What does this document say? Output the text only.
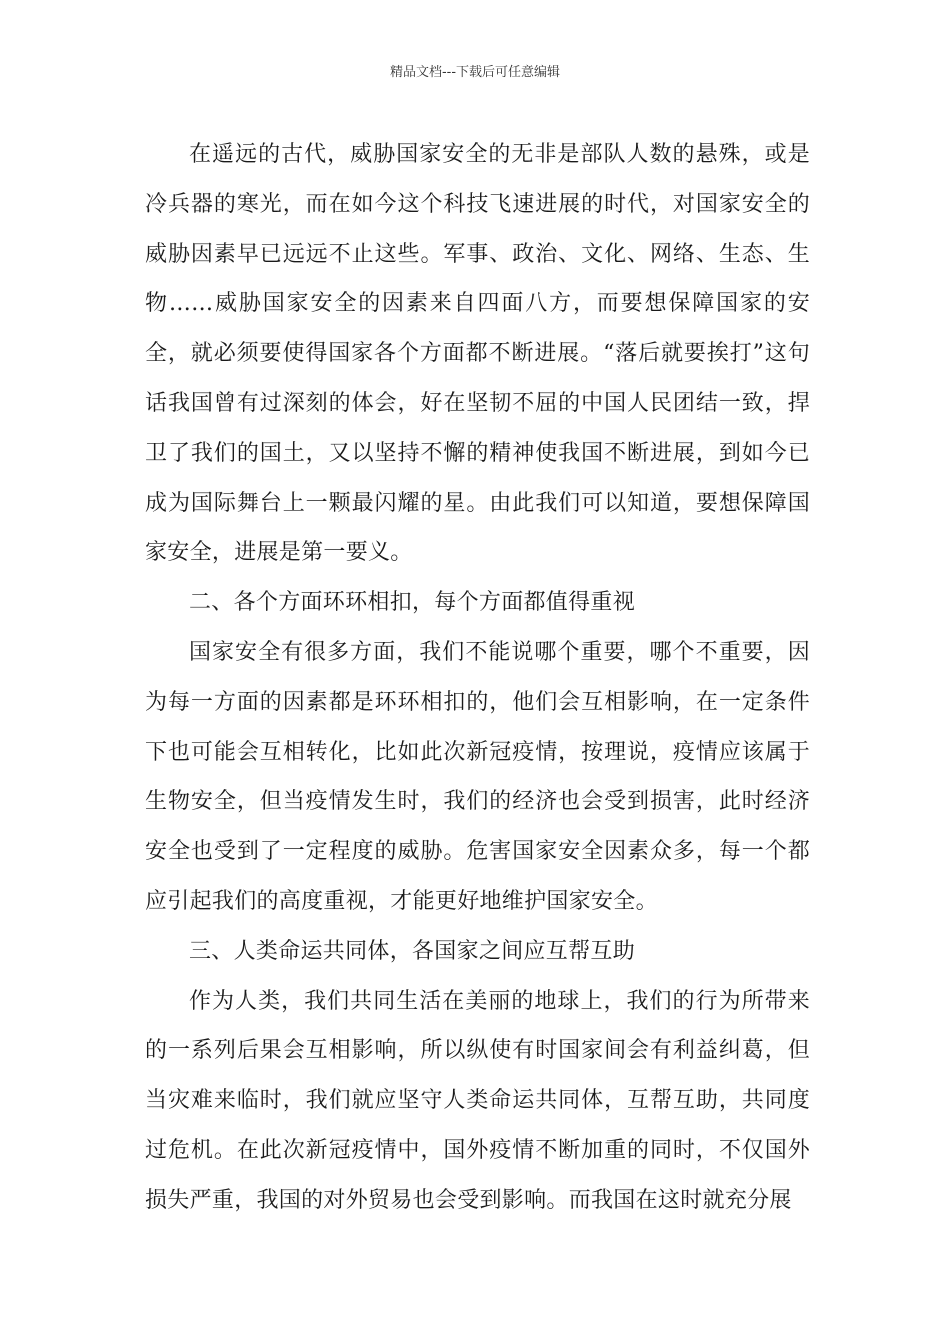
精品文档---下载后可任意编辑

在遥远的古代，威胁国家安全的无非是部队人数的悬殊，或是冷兵器的寒光，而在如今这个科技飞速进展的时代，对国家安全的威胁因素早已远远不止这些。军事、政治、文化、网络、生态、生物……威胁国家安全的因素来自四面八方，而要想保障国家的安全，就必须要使得国家各个方面都不断进展。“落后就要挨打”这句话我国曾有过深刻的体会，好在坚韧不屈的中国人民团结一致，捍卫了我们的国土，又以坚持不懈的精神使我国不断进展，到如今已成为国际舞台上一颗最闪耀的星。由此我们可以知道，要想保障国家安全，进展是第一要义。

二、各个方面环环相扣，每个方面都值得重视

国家安全有很多方面，我们不能说哪个重要，哪个不重要，因为每一方面的因素都是环环相扣的，他们会互相影响，在一定条件下也可能会互相转化，比如此次新冠疫情，按理说，疫情应该属于生物安全，但当疫情发生时，我们的经济也会受到损害，此时经济安全也受到了一定程度的威胁。危害国家安全因素众多，每一个都应引起我们的高度重视，才能更好地维护国家安全。

三、人类命运共同体，各国家之间应互帮互助

作为人类，我们共同生活在美丽的地球上，我们的行为所带来的一系列后果会互相影响，所以纵使有时国家间会有利益纠葛，但当灾难来临时，我们就应坚守人类命运共同体，互帮互助，共同度过危机。在此次新冠疫情中，国外疫情不断加重的同时，不仅国外损失严重，我国的对外贸易也会受到影响。而我国在这时就充分展
